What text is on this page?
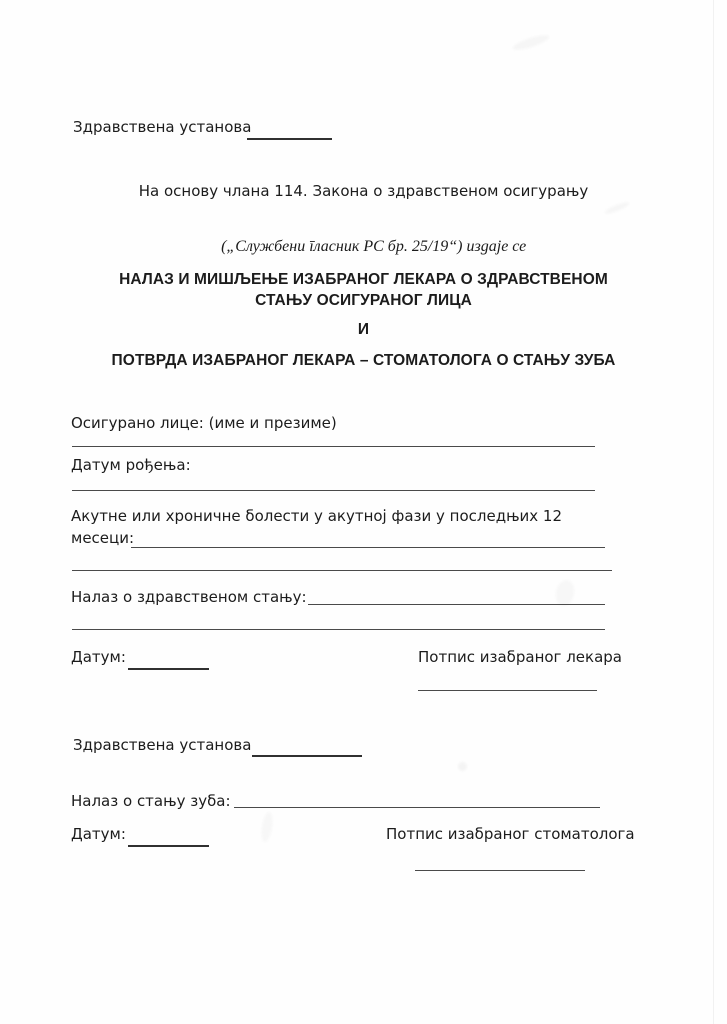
Здравствена установа
На основу члана 114. Закона о здравственом осигурању

(„Службени гласник РС бр. 25/19“) издаје се

НАЛАЗ И МИШЉЕЊЕ ИЗАБРАНОГ ЛЕКАРА О ЗДРАВСТВЕНОМ
СТАЊУ ОСИГУРАНОГ ЛИЦА
И
ПОТВРДА ИЗАБРАНОГ ЛЕКАРА – СТОМАТОЛОГА О СТАЊУ ЗУБА
Осигурано лице: (име и презиме)
Датум рођења:
Акутне или хроничне болести у акутној фази у последњих 12
месеци:
Налаз о здравственом стању:
Датум:	Потпис изабраног лекара
Здравствена установа
Налаз о стању зуба:
Датум:	Потпис изабраног стоматолога
